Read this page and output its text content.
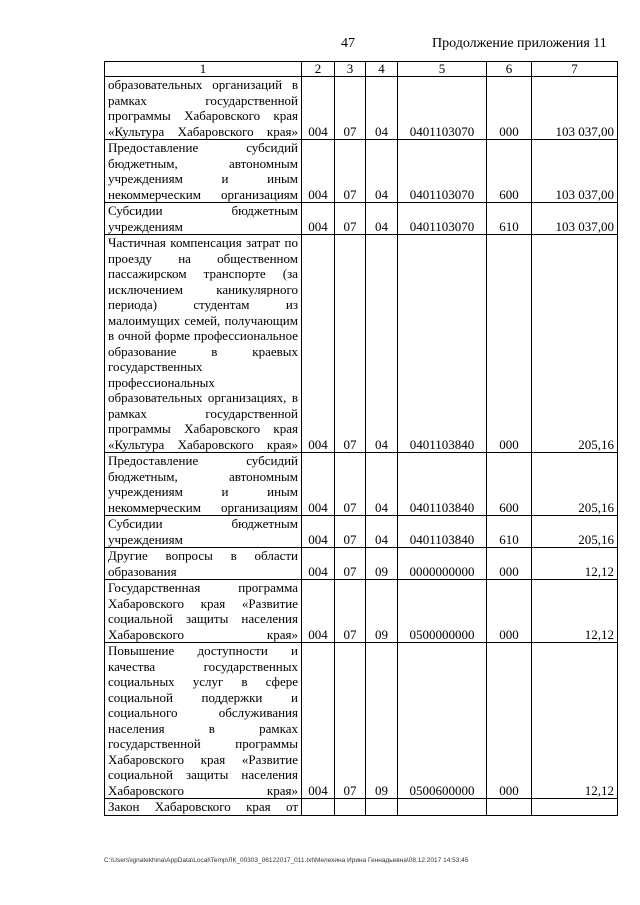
47	Продолжение приложения 11
1	2	3	4	5	6	7
образовательных организаций в рамках государственной программы Хабаровского края «Культура Хабаровского края»	004	07	04	0401103070	000	103 037,00
Предоставление субсидий бюджетным, автономным учреждениям и иным некоммерческим организациям	004	07	04	0401103070	600	103 037,00
Субсидии бюджетным учреждениям	004	07	04	0401103070	610	103 037,00
Частичная компенсация затрат по проезду на общественном пассажирском транспорте (за исключением каникулярного периода) студентам из малоимущих семей, получающим в очной форме профессиональное образование в краевых государственных профессиональных образовательных организациях, в рамках государственной программы Хабаровского края «Культура Хабаровского края»	004	07	04	0401103840	000	205,16
Предоставление субсидий бюджетным, автономным учреждениям и иным некоммерческим организациям	004	07	04	0401103840	600	205,16
Субсидии бюджетным учреждениям	004	07	04	0401103840	610	205,16
Другие вопросы в области образования	004	07	09	0000000000	000	12,12
Государственная программа Хабаровского края «Развитие социальной защиты населения Хабаровского края»	004	07	09	0500000000	000	12,12
Повышение доступности и качества государственных социальных услуг в сфере социальной поддержки и социального обслуживания населения в рамках государственной программы Хабаровского края «Развитие социальной защиты населения Хабаровского края»	004	07	09	0500600000	000	12,12
Закон Хабаровского края от						
C:\Users\ignatekhina\AppData\Local\Temp\ЛК_00303_06122017_011.txt\Мелехина Ирина Геннадьевна\08.12.2017 14:53:45
